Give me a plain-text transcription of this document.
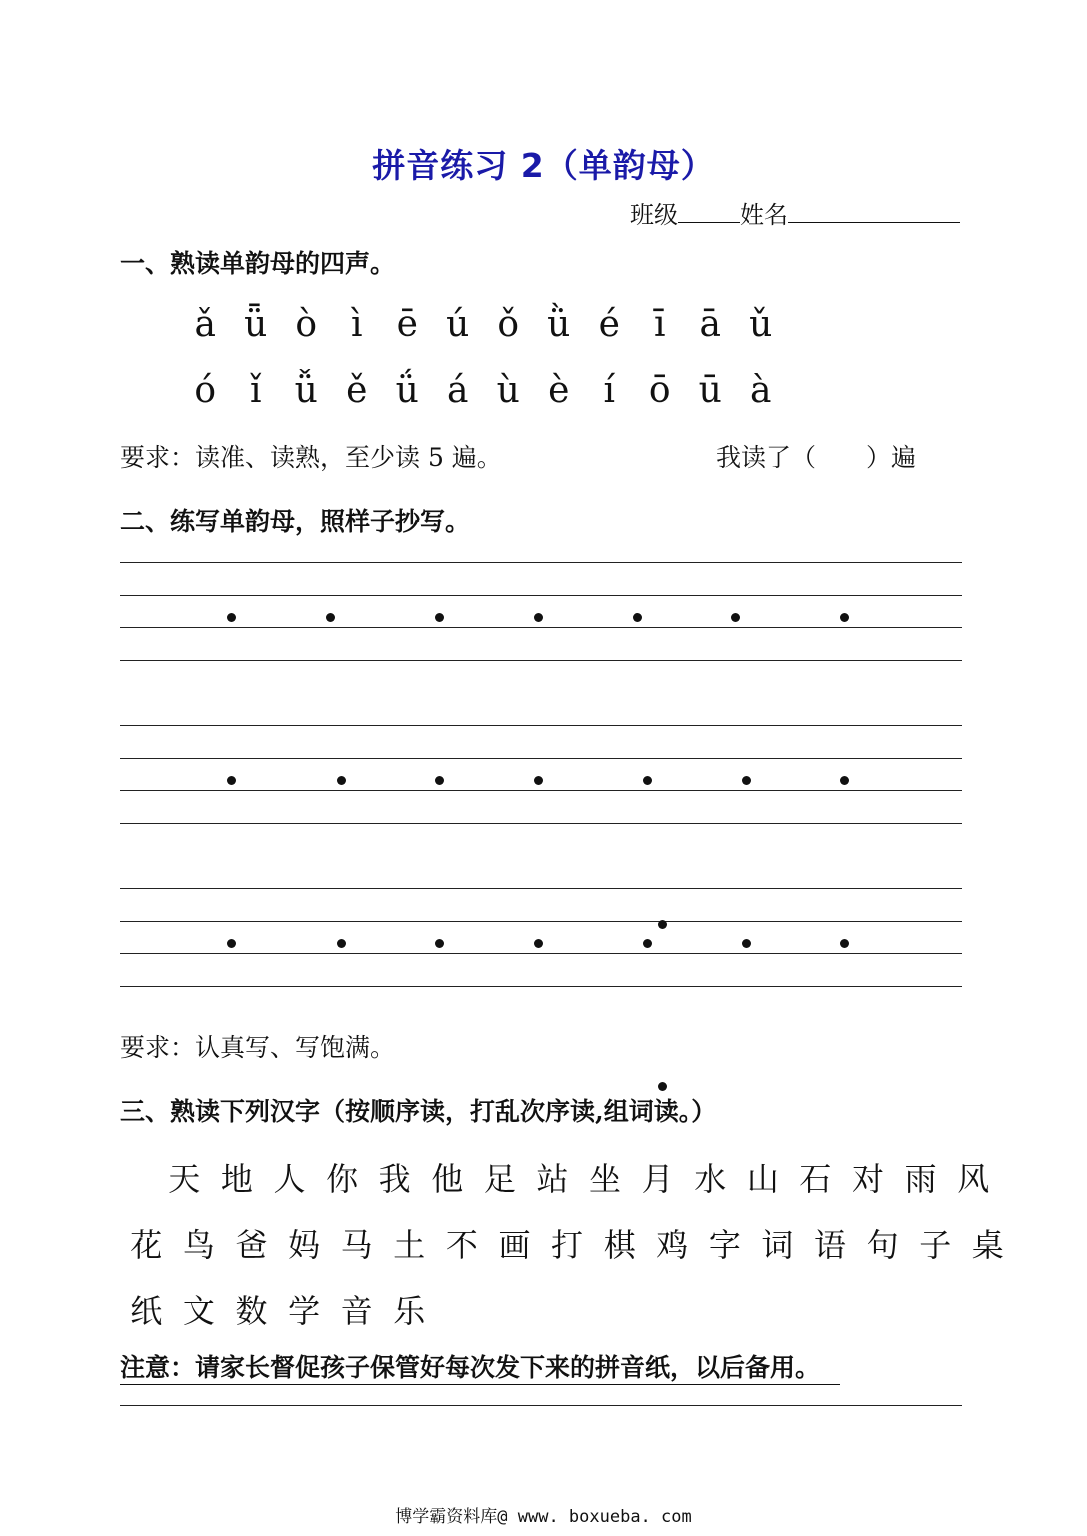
拼音练习 2（单韵母）
班级	姓名
一、熟读单韵母的四声。
ǎ ǖ ò ì ē ú ǒ ǜ é ī ā ǔ
ó ǐ ǚ ě ǘ á ù è í ō ū à
要求：读准、读熟，至少读 5 遍。	我读了（　　）遍
二、练写单韵母，照样子抄写。
要求：认真写、写饱满。
三、熟读下列汉字（按顺序读，打乱次序读,组词读。）
天 地 人 你 我 他 足 站 坐 月 水 山 石 对 雨 风
花 鸟 爸 妈 马 土 不 画 打 棋 鸡 字 词 语 句 子 桌
纸 文 数 学 音 乐
注意：请家长督促孩子保管好每次发下来的拼音纸，以后备用。
博学霸资料库@ www. boxueba. com
